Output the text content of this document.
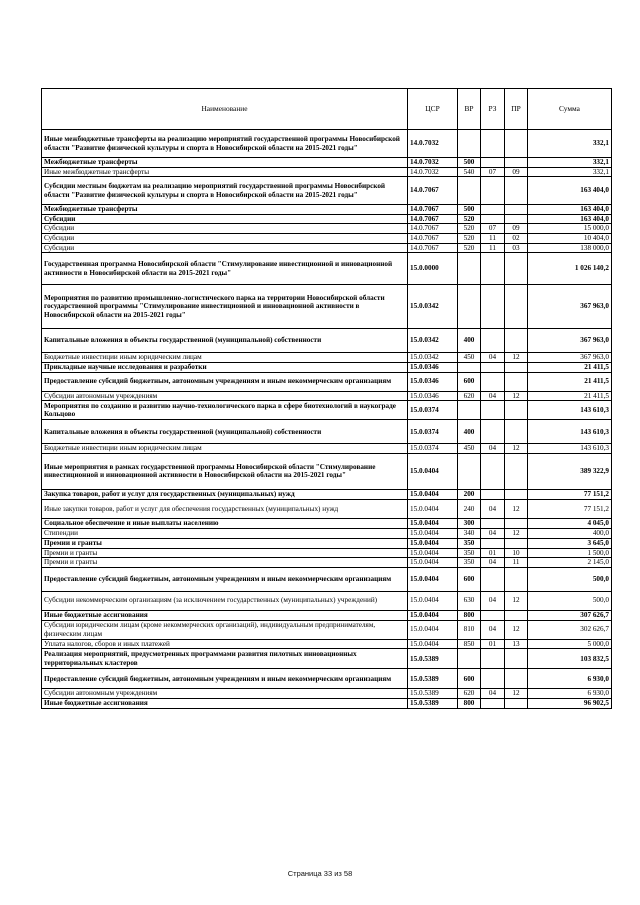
Наименование	ЦСР	ВР	РЗ	ПР	Сумма
Иные межбюджетные трансферты на реализацию мероприятий государственной программы Новосибирской области "Развитие физической культуры и спорта в Новосибирской области на 2015-2021 годы"	14.0.7032				332,1
Межбюджетные трансферты	14.0.7032	500			332,1
Иные межбюджетные трансферты	14.0.7032	540	07	09	332,1
Субсидии местным бюджетам на реализацию мероприятий государственной программы Новосибирской области "Развитие физической культуры и спорта в Новосибирской области на 2015-2021 годы"	14.0.7067				163 404,0
Межбюджетные трансферты	14.0.7067	500			163 404,0
Субсидии	14.0.7067	520			163 404,0
Субсидии	14.0.7067	520	07	09	15 000,0
Субсидии	14.0.7067	520	11	02	10 404,0
Субсидии	14.0.7067	520	11	03	138 000,0
Государственная программа Новосибирской области "Стимулирование инвестиционной и инновационной активности в Новосибирской области на 2015-2021 годы"	15.0.0000				1 026 140,2
Мероприятия по развитию промышленно-логистического парка на территории Новосибирской области государственной программы "Стимулирование инвестиционной и инновационной активности в Новосибирской области на 2015-2021 годы"	15.0.0342				367 963,0
Капитальные вложения в объекты государственной (муниципальной) собственности	15.0.0342	400			367 963,0
Бюджетные инвестиции иным юридическим лицам	15.0.0342	450	04	12	367 963,0
Прикладные научные исследования и разработки	15.0.0346				21 411,5
Предоставление субсидий бюджетным, автономным учреждениям и иным некоммерческим организациям	15.0.0346	600			21 411,5
Субсидии автономным учреждениям	15.0.0346	620	04	12	21 411,5
Мероприятия по созданию и развитию научно-технологического парка в сфере биотехнологий в наукограде Кольцово	15.0.0374				143 610,3
Капитальные вложения в объекты государственной (муниципальной) собственности	15.0.0374	400			143 610,3
Бюджетные инвестиции иным юридическим лицам	15.0.0374	450	04	12	143 610,3
Иные мероприятия в рамках государственной программы Новосибирской области "Стимулирование инвестиционной и инновационной активности в Новосибирской области на 2015-2021 годы"	15.0.0404				389 322,9
Закупка товаров, работ и услуг для государственных (муниципальных) нужд	15.0.0404	200			77 151,2
Иные закупки товаров, работ и услуг для обеспечения государственных (муниципальных) нужд	15.0.0404	240	04	12	77 151,2
Социальное обеспечение и иные выплаты населению	15.0.0404	300			4 045,0
Стипендии	15.0.0404	340	04	12	400,0
Премии и гранты	15.0.0404	350			3 645,0
Премии и гранты	15.0.0404	350	01	10	1 500,0
Премии и гранты	15.0.0404	350	04	11	2 145,0
Предоставление субсидий бюджетным, автономным учреждениям и иным некоммерческим организациям	15.0.0404	600			500,0
Субсидии некоммерческим организациям (за исключением государственных (муниципальных) учреждений)	15.0.0404	630	04	12	500,0
Иные бюджетные ассигнования	15.0.0404	800			307 626,7
Субсидии юридическим лицам (кроме некоммерческих организаций), индивидуальным предпринимателям, физическим лицам	15.0.0404	810	04	12	302 626,7
Уплата налогов, сборов и иных платежей	15.0.0404	850	01	13	5 000,0
Реализация мероприятий, предусмотренных программами развития пилотных инновационных территориальных кластеров	15.0.5389				103 832,5
Предоставление субсидий бюджетным, автономным учреждениям и иным некоммерческим организациям	15.0.5389	600			6 930,0
Субсидии автономным учреждениям	15.0.5389	620	04	12	6 930,0
Иные бюджетные ассигнования	15.0.5389	800			96 902,5
Страница 33 из 58
